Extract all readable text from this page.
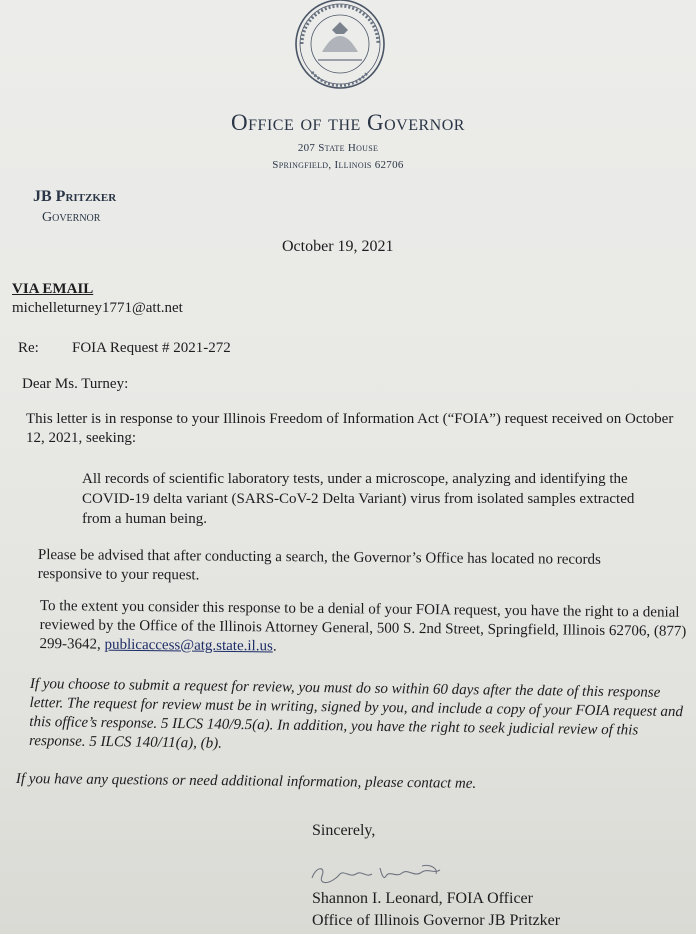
Office of the Governor
207 State House
Springfield, Illinois 62706
JB Pritzker
Governor
October 19, 2021
VIA EMAIL
michelleturney1771@att.net
Re: FOIA Request # 2021-272
Dear Ms. Turney:

This letter is in response to your Illinois Freedom of Information Act (“FOIA”) request received on October 12, 2021, seeking:

All records of scientific laboratory tests, under a microscope, analyzing and identifying the COVID-19 delta variant (SARS-CoV-2 Delta Variant) virus from isolated samples extracted from a human being.

Please be advised that after conducting a search, the Governor’s Office has located no records responsive to your request.

To the extent you consider this response to be a denial of your FOIA request, you have the right to a denial reviewed by the Office of the Illinois Attorney General, 500 S. 2nd Street, Springfield, Illinois 62706, (877) 299-3642, publicaccess@atg.state.il.us.

If you choose to submit a request for review, you must do so within 60 days after the date of this response letter. The request for review must be in writing, signed by you, and include a copy of your FOIA request and this office’s response. 5 ILCS 140/9.5(a). In addition, you have the right to seek judicial review of this response. 5 ILCS 140/11(a), (b).

If you have any questions or need additional information, please contact me.

Sincerely,
Shannon I. Leonard, FOIA Officer
Office of Illinois Governor JB Pritzker
